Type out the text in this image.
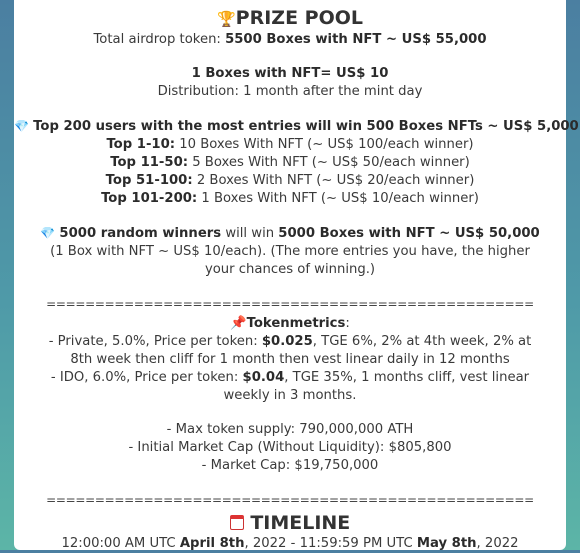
🏆PRIZE POOL
Total airdrop token: 5500 Boxes with NFT ~ US$ 55,000
1 Boxes with NFT= US$ 10
Distribution: 1 month after the mint day
💎 Top 200 users with the most entries will win 500 Boxes NFTs ~ US$ 5,000
Top 1-10: 10 Boxes With NFT (~ US$ 100/each winner)
Top 11-50: 5 Boxes With NFT (~ US$ 50/each winner)
Top 51-100: 2 Boxes With NFT (~ US$ 20/each winner)
Top 101-200: 1 Boxes With NFT (~ US$ 10/each winner)
💎 5000 random winners will win 5000 Boxes with NFT ~ US$ 50,000 (1 Box with NFT ~ US$ 10/each). (The more entries you have, the higher your chances of winning.)
==================================================
📌Tokenmetrics:
- Private, 5.0%, Price per token: $0.025, TGE 6%, 2% at 4th week, 2% at 8th week then cliff for 1 month then vest linear daily in 12 months
- IDO, 6.0%, Price per token: $0.04, TGE 35%, 1 months cliff, vest linear weekly in 3 months.
- Max token supply: 790,000,000 ATH
- Initial Market Cap (Without Liquidity): $805,800
- Market Cap: $19,750,000
==================================================
TIMELINE
12:00:00 AM UTC April 8th, 2022 - 11:59:59 PM UTC May 8th, 2022
